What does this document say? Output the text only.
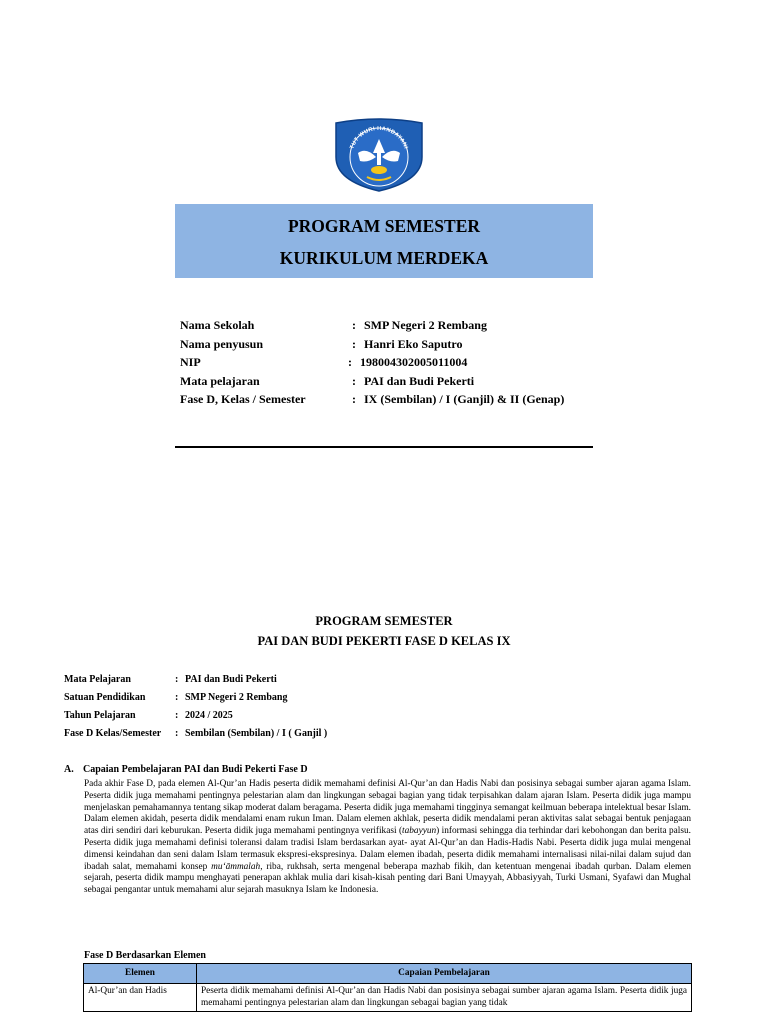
TUT WURI HANDAYANI
PROGRAM SEMESTER
KURIKULUM MERDEKA
Nama Sekolah	: SMP Negeri 2 Rembang
Nama penyusun	: Hanri Eko Saputro
NIP	: 198004302005011004
Mata pelajaran	: PAI dan Budi Pekerti
Fase D, Kelas / Semester	: IX (Sembilan) / I (Ganjil) & II (Genap)
PROGRAM SEMESTER
PAI DAN BUDI PEKERTI FASE D KELAS IX
Mata Pelajaran	: PAI dan Budi Pekerti
Satuan Pendidikan	: SMP Negeri 2 Rembang
Tahun Pelajaran	: 2024 / 2025
Fase D Kelas/Semester : Sembilan (Sembilan) / I ( Ganjil )
A. Capaian Pembelajaran PAI dan Budi Pekerti Fase D
Pada akhir Fase D, pada elemen Al-Qur’an Hadis peserta didik memahami definisi Al-Qur’an dan Hadis Nabi dan posisinya sebagai sumber ajaran agama Islam. Peserta didik juga memahami pentingnya pelestarian alam dan lingkungan sebagai bagian yang tidak terpisahkan dalam ajaran Islam. Peserta didik juga mampu menjelaskan pemahamannya tentang sikap moderat dalam beragama. Peserta didik juga memahami tingginya semangat keilmuan beberapa intelektual besar Islam. Dalam elemen akidah, peserta didik mendalami enam rukun Iman. Dalam elemen akhlak, peserta didik mendalami peran aktivitas salat sebagai bentuk penjagaan atas diri sendiri dari keburukan. Peserta didik juga memahami pentingnya verifikasi (tabayyun) informasi sehingga dia terhindar dari kebohongan dan berita palsu. Peserta didik juga memahami definisi toleransi dalam tradisi Islam berdasarkan ayat- ayat Al-Qur’an dan Hadis-Hadis Nabi. Peserta didik juga mulai mengenal dimensi keindahan dan seni dalam Islam termasuk ekspresi-ekspresinya. Dalam elemen ibadah, peserta didik memahami internalisasi nilai-nilai dalam sujud dan ibadah salat, memahami konsep mu‘āmmalah, riba, rukhsah, serta mengenal beberapa mazhab fikih, dan ketentuan mengenai ibadah qurban. Dalam elemen sejarah, peserta didik mampu menghayati penerapan akhlak mulia dari kisah-kisah penting dari Bani Umayyah, Abbasiyyah, Turki Usmani, Syafawi dan Mughal sebagai pengantar untuk memahami alur sejarah masuknya Islam ke Indonesia.
Fase D Berdasarkan Elemen
Elemen	Capaian Pembelajaran
Al-Qur’an dan Hadis	Peserta didik memahami definisi Al-Qur’an dan Hadis Nabi dan posisinya sebagai sumber ajaran agama Islam. Peserta didik juga memahami pentingnya pelestarian alam dan lingkungan sebagai bagian yang tidak
